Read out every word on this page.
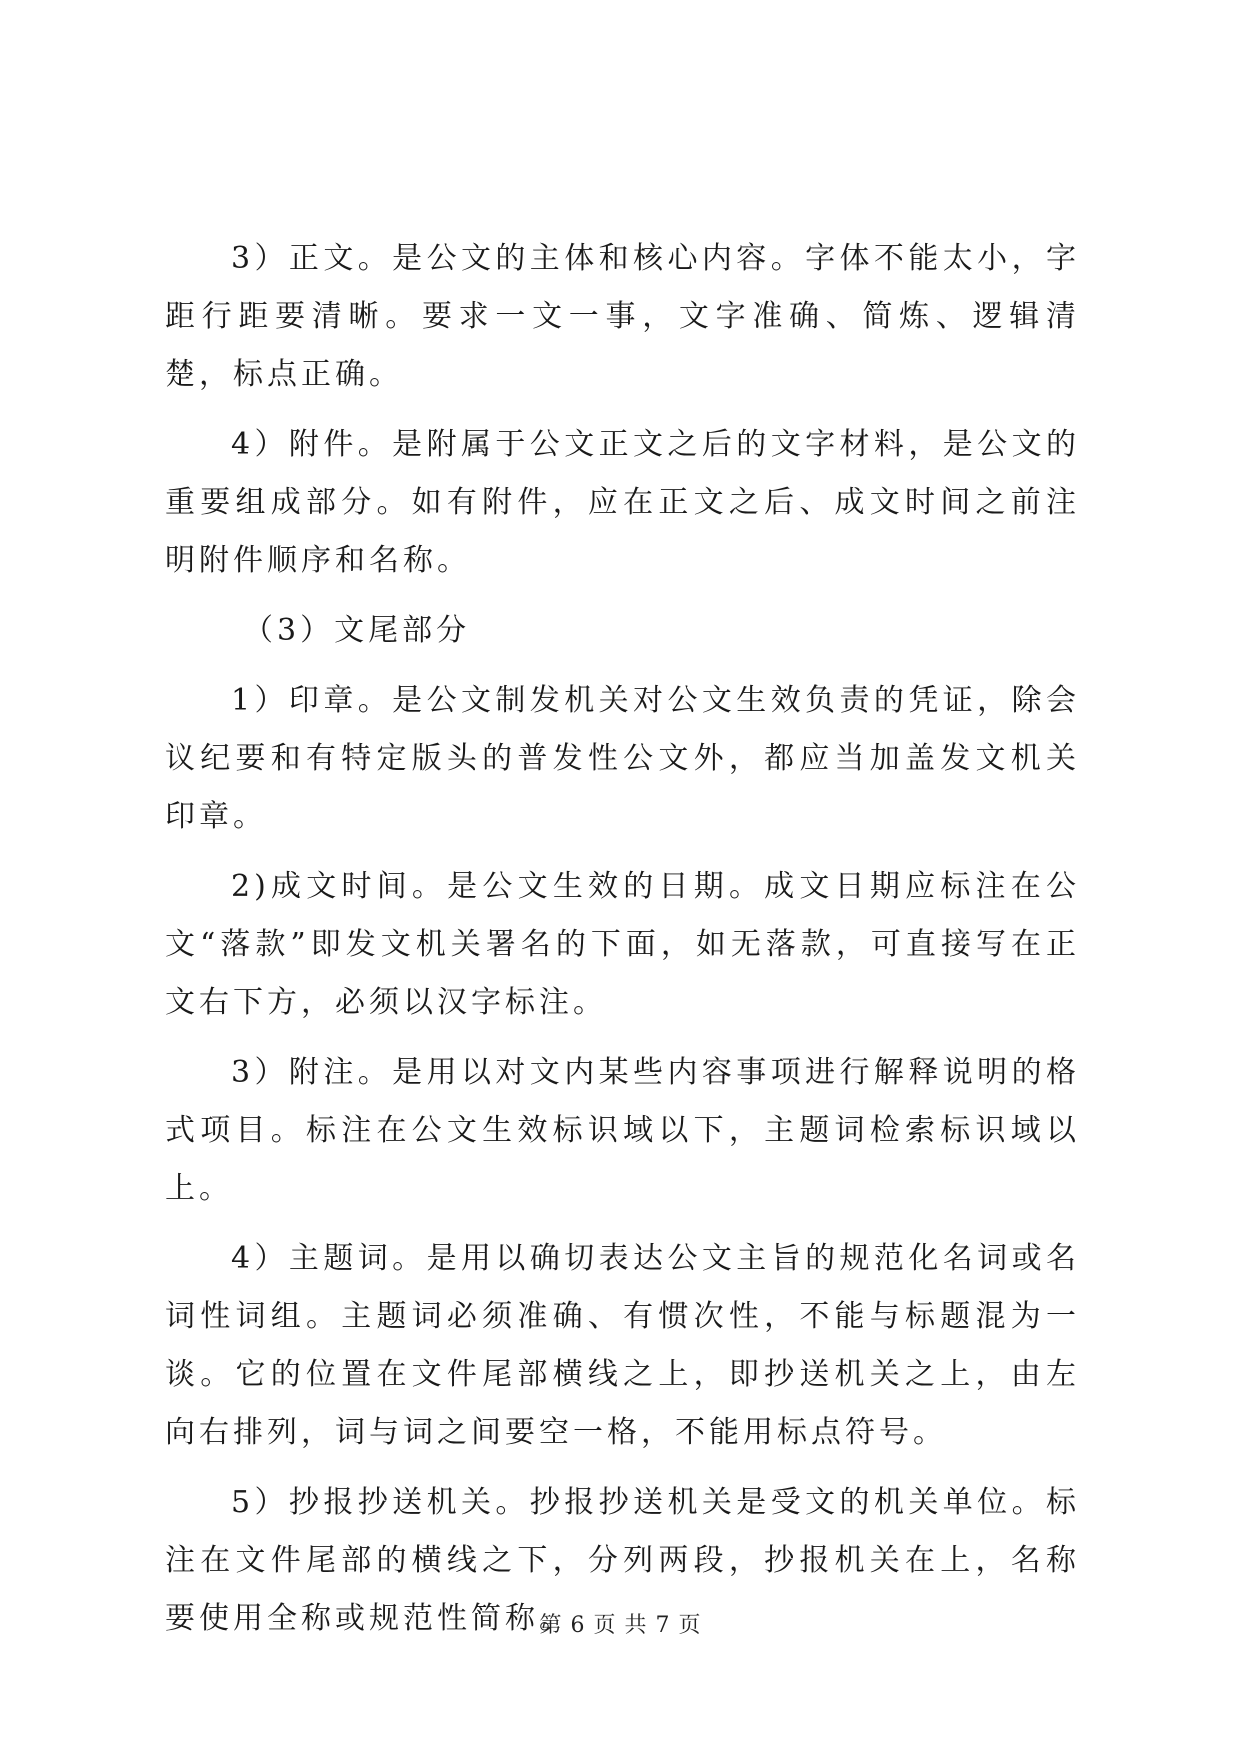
3）正文。是公文的主体和核心内容。字体不能太小，字距行距要清晰。要求一文一事，文字准确、简炼、逻辑清楚，标点正确。

4）附件。是附属于公文正文之后的文字材料，是公文的重要组成部分。如有附件，应在正文之后、成文时间之前注明附件顺序和名称。

（3）文尾部分

1）印章。是公文制发机关对公文生效负责的凭证，除会议纪要和有特定版头的普发性公文外，都应当加盖发文机关印章。

2)成文时间。是公文生效的日期。成文日期应标注在公文“落款”即发文机关署名的下面，如无落款，可直接写在正文右下方，必须以汉字标注。

3）附注。是用以对文内某些内容事项进行解释说明的格式项目。标注在公文生效标识域以下，主题词检索标识域以上。

4）主题词。是用以确切表达公文主旨的规范化名词或名词性词组。主题词必须准确、有惯次性，不能与标题混为一谈。它的位置在文件尾部横线之上，即抄送机关之上，由左向右排列，词与词之间要空一格，不能用标点符号。

5）抄报抄送机关。抄报抄送机关是受文的机关单位。标注在文件尾部的横线之下，分列两段，抄报机关在上，名称要使用全称或规范性简称。

第 6 页 共 7 页
